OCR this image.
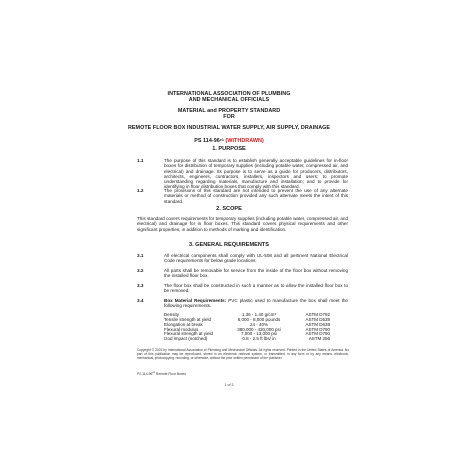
INTERNATIONAL ASSOCIATION OF PLUMBING
AND MECHANICAL OFFICIALS
MATERIAL and PROPERTY STANDARD
FOR
REMOTE FLOOR BOX INDUSTRIAL WATER SUPPLY, AIR SUPPLY, DRAINAGE
PS $114-96^{e1}$ (WITHDRAWN)
1. PURPOSE
1.1	The purpose of this standard is to establish generally acceptable guidelines for in-floor boxes for distribution of temporary supplies (including potable water, compressed air, and electrical) and drainage. Its purpose is to serve as a guide for producers, distributors, architects, engineers, contractors, installers, inspectors and users; to promote understanding regarding materials, manufacture and installation; and to provide for identifying in floor distribution boxes that comply with this standard.
1.2	The provisions of this standard are not intended to prevent the use of any alternate materials or method of construction provided any such alternate meets the intent of this standard.
2. SCOPE
This standard covers requirements for temporary supplies (including potable water, compressed air, and electrical) and drainage for in floor boxes. This standard covers physical requirements and other significant properties, in addition to methods of marking and identification.
3. GENERAL REQUIREMENTS
3.1	All electrical components shall comply with UL-508 and all pertinent National Electrical Code requirements for below grade locations.
3.2	All parts shall be removable for service from the inside of the floor box without removing the installed floor box.
3.3	The floor box shall be constructed in such a manner as to allow the installed floor box to be removed.
3.4	Box Material Requirements: PVC plastic used to manufacture the box shall meet the following requirements.
Density	1.36 - 1.40 $g/cm^3$	ASTM D792
Tensile strength at yield	6,000 - 8,000 pounds	ASTM D638
Elongation at break	24 - 40%	ASTM D638
Flexural modulus	380,000 - 430,000 psi	ASTM D790
Flexural strength at yield	7,000 - 13,000 psi	ASTM D790
Izod impact (notched)	0.8 - 2.5 ft lbs/ in	ASTM 256
Copyright © 2001 by International Association of Plumbing and Mechanical Officials. All rights reserved. Printed in the United States of America. No part of this publication may be reproduced, stored in an electronic retrieval system, or transmitted, in any form or by any means, electronic, mechanical, photocopying, recording, or otherwise, without the prior written permission of the publisher.
PS $114-96^{e1}$ Remote Floor Boxes
1 of 3
